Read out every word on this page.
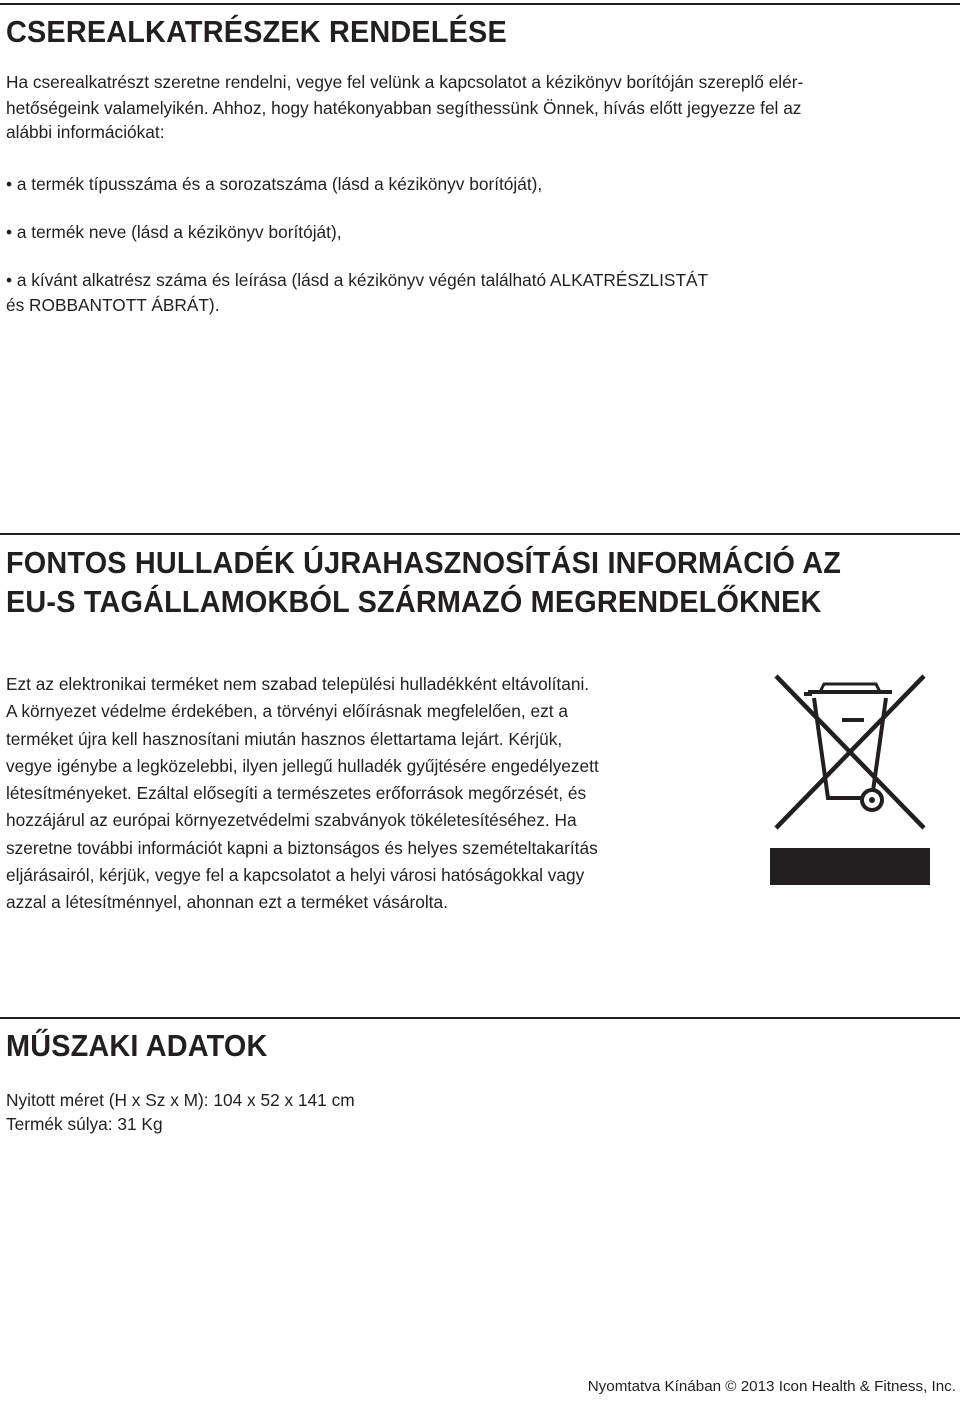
CSEREALKATRÉSZEK RENDELÉSE

Ha cserealkatrészt szeretne rendelni, vegye fel velünk a kapcsolatot a kézikönyv borítóján szereplő elér-

hetőségeink valamelyikén. Ahhoz, hogy hatékonyabban segíthessünk Önnek, hívás előtt jegyezze fel az

alábbi információkat:

• a termék típusszáma és a sorozatszáma (lásd a kézikönyv borítóját),

• a termék neve (lásd a kézikönyv borítóját),

• a kívánt alkatrész száma és leírása (lásd a kézikönyv végén található ALKATRÉSZLISTÁT

és ROBBANTOTT ÁBRÁT).

FONTOS HULLADÉK ÚJRAHASZNOSÍTÁSI INFORMÁCIÓ AZ
EU-S TAGÁLLAMOKBÓL SZÁRMAZÓ MEGRENDELŐKNEK
Ezt az elektronikai terméket nem szabad települési hulladékként eltávolítani.
A környezet védelme érdekében, a törvényi előírásnak megfelelően, ezt a
terméket újra kell hasznosítani miután hasznos élettartama lejárt. Kérjük,
vegye igénybe a legközelebbi, ilyen jellegű hulladék gyűjtésére engedélyezett
létesítményeket. Ezáltal elősegíti a természetes erőforrások megőrzését, és
hozzájárul az európai környezetvédelmi szabványok tökéletesítéséhez. Ha
szeretne további információt kapni a biztonságos és helyes szemételtakarítás
eljárásairól, kérjük, vegye fel a kapcsolatot a helyi városi hatóságokkal vagy
azzal a létesítménnyel, ahonnan ezt a terméket vásárolta.
MŰSZAKI ADATOK

Nyitott méret (H x Sz x M): 104 x 52 x 141 cm

Termék súlya: 31 Kg

Nyomtatva Kínában © 2013 Icon Health & Fitness, Inc.
